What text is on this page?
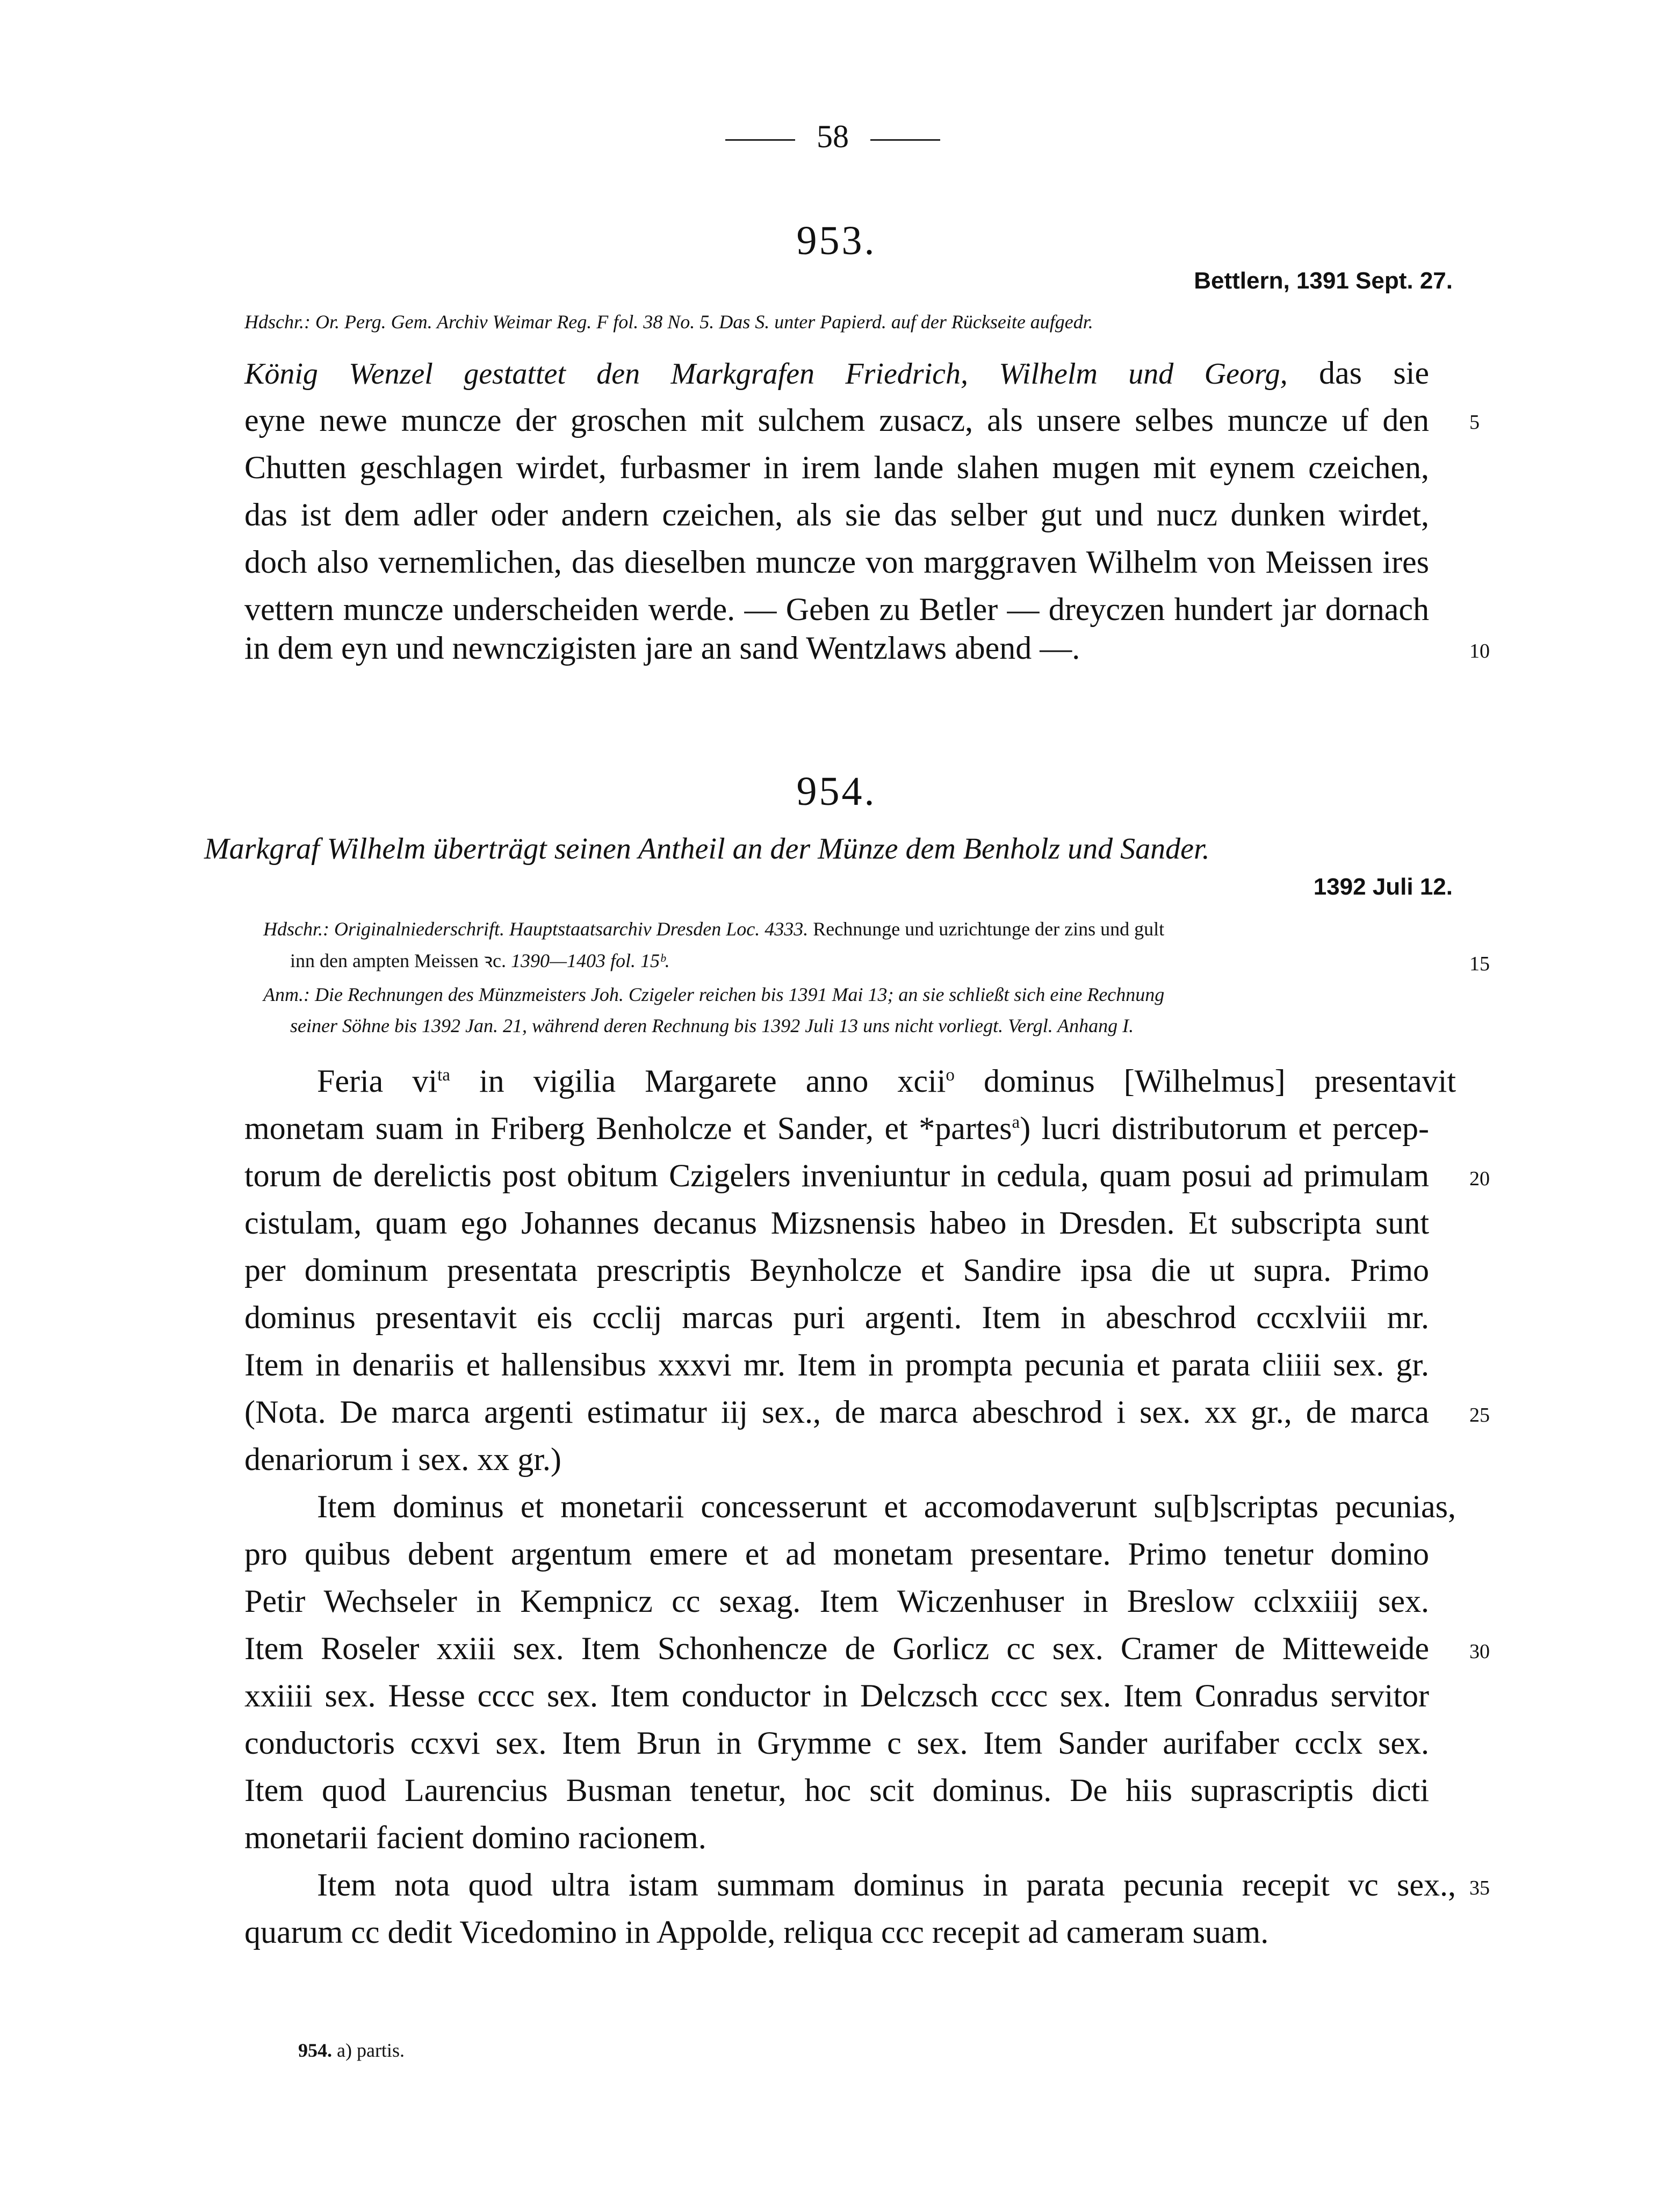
58
953.
Bettlern, 1391 Sept. 27.
Hdschr.: Or. Perg. Gem. Archiv Weimar Reg. F fol. 38 No. 5. Das S. unter Papierd. auf der Rückseite aufgedr.
König Wenzel gestattet den Markgrafen Friedrich, Wilhelm und Georg, das sie
eyne newe muncze der groschen mit sulchem zusacz, als unsere selbes muncze uf den
Chutten geschlagen wirdet, furbasmer in irem lande slahen mugen mit eynem czeichen,
das ist dem adler oder andern czeichen, als sie das selber gut und nucz dunken wirdet,
doch also vernemlichen, das dieselben muncze von marggraven Wilhelm von Meissen ires
vettern muncze underscheiden werde. — Geben zu Betler — dreyczen hundert jar dornach
in dem eyn und newnczigisten jare an sand Wentzlaws abend —.
954.
Markgraf Wilhelm überträgt seinen Antheil an der Münze dem Benholz und Sander.
1392 Juli 12.
Hdschr.: Originalniederschrift. Hauptstaatsarchiv Dresden Loc. 4333. Rechnunge und uzrichtunge der zins und gult
inn den ampten Meissen ꝛc. 1390—1403 fol. 15ᵇ.
Anm.: Die Rechnungen des Münzmeisters Joh. Czigeler reichen bis 1391 Mai 13; an sie schließt sich eine Rechnung
seiner Söhne bis 1392 Jan. 21, während deren Rechnung bis 1392 Juli 13 uns nicht vorliegt. Vergl. Anhang I.
Feria $vi^{ta}$ in vigilia Margarete anno xcii$^o$ dominus [Wilhelmus] presentavit
monetam suam in Friberg Benholcze et Sander, et *partes$^a$) lucri distributorum et percep-
torum de derelictis post obitum Czigelers inveniuntur in cedula, quam posui ad primulam
cistulam, quam ego Johannes decanus Mizsnensis habeo in Dresden. Et subscripta sunt
per dominum presentata prescriptis Beynholcze et Sandire ipsa die ut supra. Primo
dominus presentavit eis ccclij marcas puri argenti. Item in abeschrod cccxlviii mr.
Item in denariis et hallensibus xxxvi mr. Item in prompta pecunia et parata cliiii sex. gr.
(Nota. De marca argenti estimatur iij sex., de marca abeschrod i sex. xx gr., de marca
denariorum i sex. xx gr.)
Item dominus et monetarii concesserunt et accomodaverunt su[b]scriptas pecunias,
pro quibus debent argentum emere et ad monetam presentare. Primo tenetur domino
Petir Wechseler in Kempnicz cc sexag. Item Wiczenhuser in Breslow cclxxiiij sex.
Item Roseler xxiii sex. Item Schonhencze de Gorlicz cc sex. Cramer de Mitteweide
xxiiii sex. Hesse cccc sex. Item conductor in Delczsch cccc sex. Item Conradus servitor
conductoris ccxvi sex. Item Brun in Grymme c sex. Item Sander aurifaber ccclx sex.
Item quod Laurencius Busman tenetur, hoc scit dominus. De hiis suprascriptis dicti
monetarii facient domino racionem.
Item nota quod ultra istam summam dominus in parata pecunia recepit vc sex.,
quarum cc dedit Vicedomino in Appolde, reliqua ccc recepit ad cameram suam.
954. a) partis.
5
10
15
20
25
30
35
